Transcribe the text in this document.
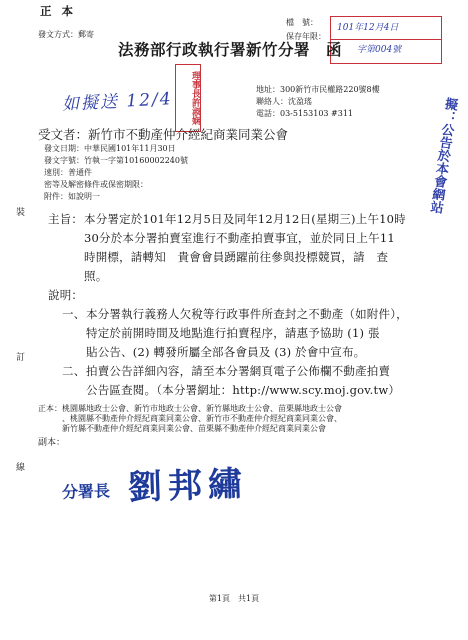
正 本
發文方式：郵寄
檔　號：
保存年限：
101年12月4日
字第004號
法務部行政執行署新竹分署　函
理事長許淑娴
如擬送 12/4	地址：300新竹市民權路220號8樓
聯絡人：沈盈瑤
電話：03-5153103 #311	擬：公告於本會網站
受文者：新竹市不動產仲介經紀商業同業公會
發文日期：中華民國101年11月30日
發文字號：竹執一字第10160002240號
速別：普通件
密等及解密條件或保密期限：
附件：如說明一
裝
訂
線
主旨： 本分署定於101年12月5日及同年12月12日(星期三)上午10時
30分於本分署拍賣室進行不動產拍賣事宜，並於同日上午11
時開標，請轉知　貴會會員踴躍前往參與投標競買，請　查
照。
說明：
一、 本分署執行義務人欠稅等行政事件所查封之不動產（如附件），
特定於前開時間及地點進行拍賣程序，請惠予協助 (1) 張
貼公告、(2) 轉發所屬全部各會員及 (3) 於會中宣布。
二、 拍賣公告詳細內容，請至本分署網頁電子公佈欄不動產拍賣
公告區查閱。（本分署網址：http://www.scy.moj.gov.tw）
正本： 桃園縣地政士公會、新竹市地政士公會、新竹縣地政士公會、苗栗縣地政士公會
、桃園縣不動產仲介經紀商業同業公會、新竹市不動產仲介經紀商業同業公會、
新竹縣不動產仲介經紀商業同業公會、苗栗縣不動產仲介經紀商業同業公會
副本：
分署長 劉邦繡
第1頁　共1頁
